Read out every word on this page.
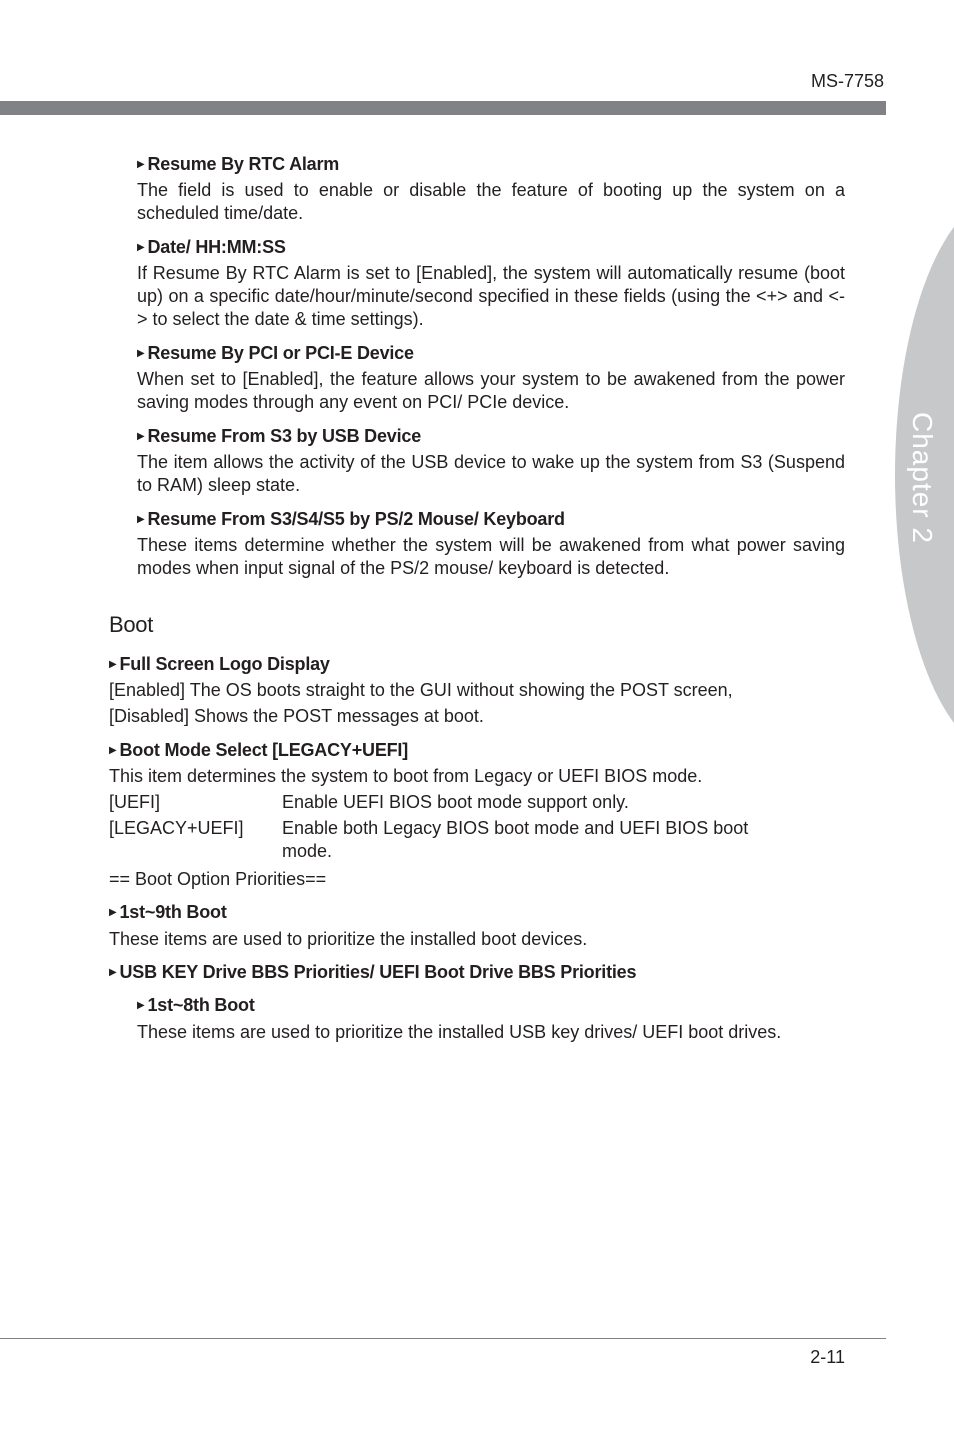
MS-7758
Chapter 2
▶ Resume By RTC Alarm
The field is used to enable or disable the feature of booting up the system on a scheduled time/date.
▶ Date/ HH:MM:SS
If Resume By RTC Alarm is set to [Enabled], the system will automatically resume (boot up) on a specific date/hour/minute/second specified in these fields (using the <+> and <-> to select the date & time settings).
▶ Resume By PCI or PCI-E Device
When set to [Enabled], the feature allows your system to be awakened from the power saving modes through any event on PCI/ PCIe device.
▶ Resume From S3 by USB Device
The item allows the activity of the USB device to wake up the system from S3 (Suspend to RAM) sleep state.
▶ Resume From S3/S4/S5 by PS/2 Mouse/ Keyboard
These items determine whether the system will be awakened from what power saving modes when input signal of the PS/2 mouse/ keyboard is detected.
Boot
▶ Full Screen Logo Display
[Enabled] The OS boots straight to the GUI without showing the POST screen,
[Disabled] Shows the POST messages at boot.
▶ Boot Mode Select [LEGACY+UEFI]
This item determines the system to boot from Legacy or UEFI BIOS mode.
[UEFI]	Enable UEFI BIOS boot mode support only.
[LEGACY+UEFI] Enable both Legacy BIOS boot mode and UEFI BIOS boot mode.
== Boot Option Priorities==
▶ 1st~9th Boot
These items are used to prioritize the installed boot devices.
▶ USB KEY Drive BBS Priorities/ UEFI Boot Drive BBS Priorities
▶ 1st~8th Boot
These items are used to prioritize the installed USB key drives/ UEFI boot drives.
2-11
